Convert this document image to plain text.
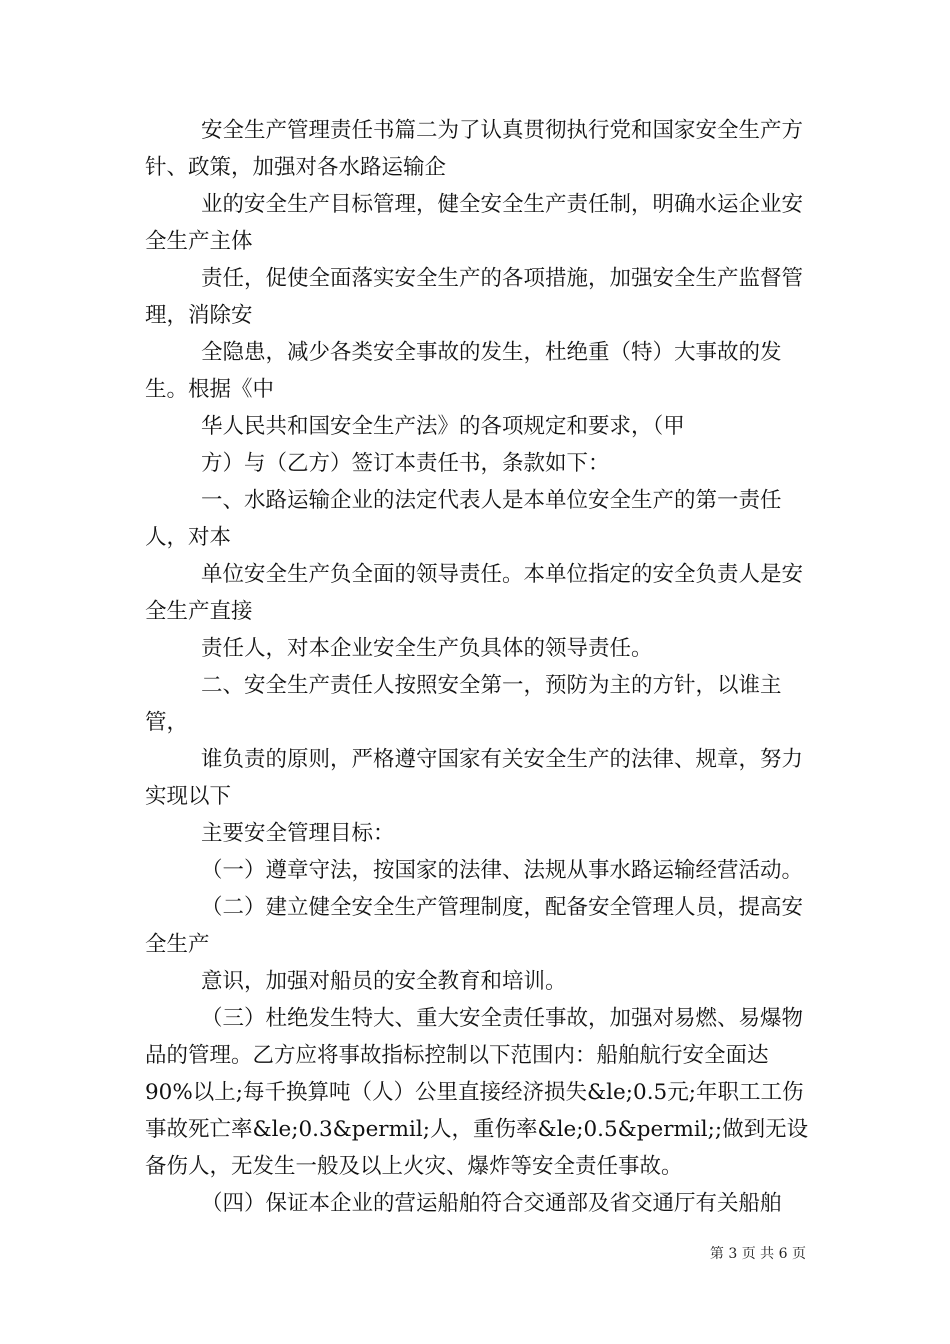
安全生产管理责任书篇二为了认真贯彻执行党和国家安全生产方针、政策，加强对各水路运输企

业的安全生产目标管理，健全安全生产责任制，明确水运企业安全生产主体

责任，促使全面落实安全生产的各项措施，加强安全生产监督管理，消除安

全隐患，减少各类安全事故的发生，杜绝重（特）大事故的发生。根据《中

华人民共和国安全生产法》的各项规定和要求，（甲

方）与（乙方）签订本责任书，条款如下：

一、水路运输企业的法定代表人是本单位安全生产的第一责任人，对本

单位安全生产负全面的领导责任。本单位指定的安全负责人是安全生产直接

责任人，对本企业安全生产负具体的领导责任。

二、安全生产责任人按照安全第一，预防为主的方针，以谁主管，

谁负责的原则，严格遵守国家有关安全生产的法律、规章，努力实现以下

主要安全管理目标：

（一）遵章守法，按国家的法律、法规从事水路运输经营活动。

（二）建立健全安全生产管理制度，配备安全管理人员，提高安全生产

意识，加强对船员的安全教育和培训。

（三）杜绝发生特大、重大安全责任事故，加强对易燃、易爆物品的管理。乙方应将事故指标控制以下范围内：船舶航行安全面达90%以上;每千换算吨（人）公里直接经济损失&le;0.5元;年职工工伤事故死亡率&le;0.3&permil;人，重伤率&le;0.5&permil;;做到无设备伤人，无发生一般及以上火灾、爆炸等安全责任事故。

（四）保证本企业的营运船舶符合交通部及省交通厅有关船舶

第 3 页 共 6 页
